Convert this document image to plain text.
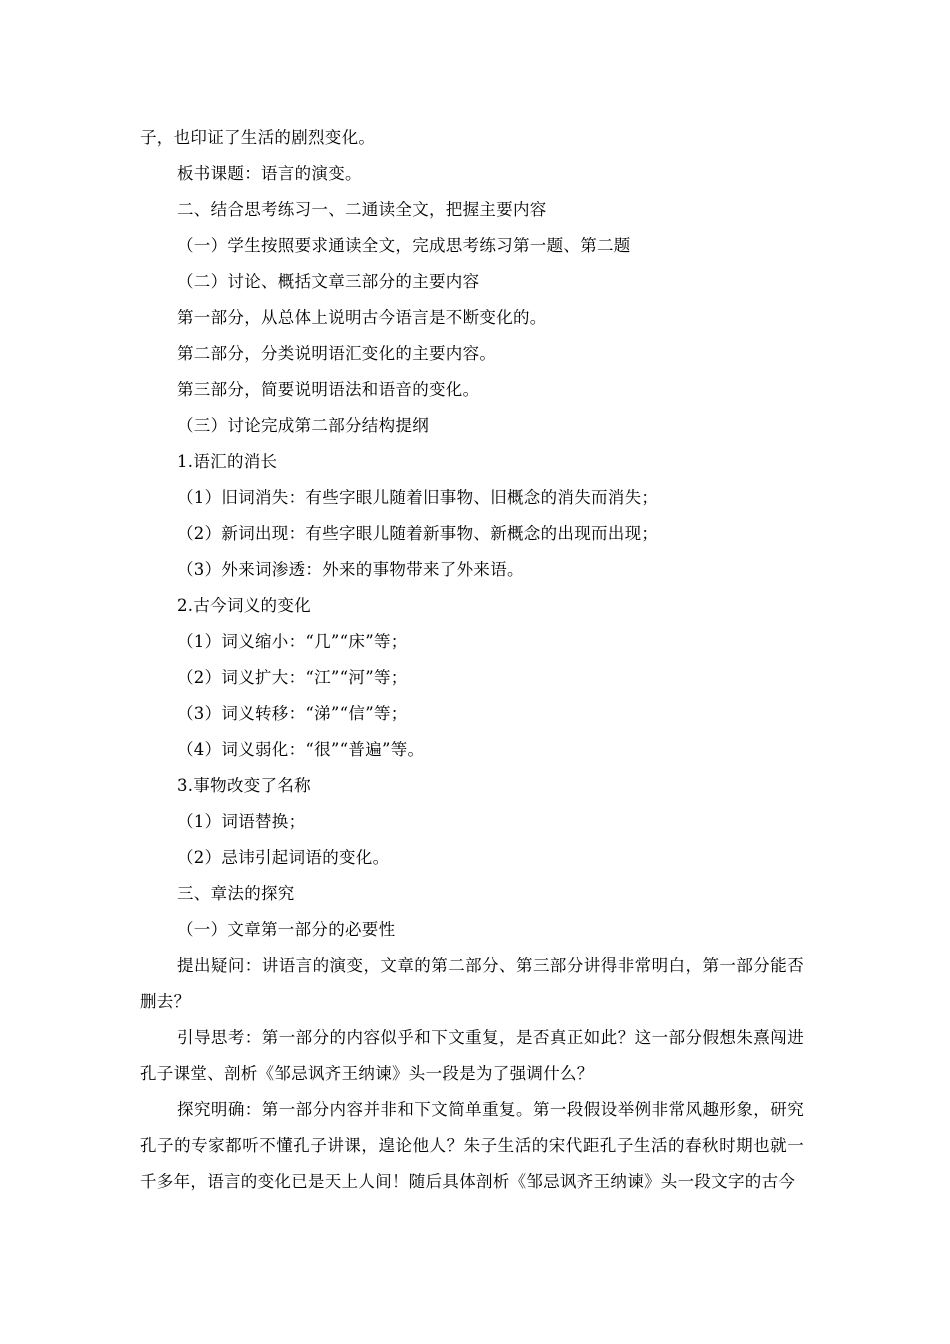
子，也印证了生活的剧烈变化。
板书课题：语言的演变。
二、结合思考练习一、二通读全文，把握主要内容
（一）学生按照要求通读全文，完成思考练习第一题、第二题
（二）讨论、概括文章三部分的主要内容
第一部分，从总体上说明古今语言是不断变化的。
第二部分，分类说明语汇变化的主要内容。
第三部分，简要说明语法和语音的变化。
（三）讨论完成第二部分结构提纲
1.语汇的消长
（1）旧词消失：有些字眼儿随着旧事物、旧概念的消失而消失；
（2）新词出现：有些字眼儿随着新事物、新概念的出现而出现；
（3）外来词渗透：外来的事物带来了外来语。
2.古今词义的变化
（1）词义缩小：“几”“床”等；
（2）词义扩大：“江”“河”等；
（3）词义转移：“涕”“信”等；
（4）词义弱化：“很”“普遍”等。
3.事物改变了名称
（1）词语替换；
（2）忌讳引起词语的变化。
三、章法的探究
（一）文章第一部分的必要性
提出疑问：讲语言的演变，文章的第二部分、第三部分讲得非常明白，第一部分能否删去？
引导思考：第一部分的内容似乎和下文重复，是否真正如此？这一部分假想朱熹闯进孔子课堂、剖析《邹忌讽齐王纳谏》头一段是为了强调什么？
探究明确：第一部分内容并非和下文简单重复。第一段假设举例非常风趣形象，研究孔子的专家都听不懂孔子讲课，遑论他人？朱子生活的宋代距孔子生活的春秋时期也就一千多年，语言的变化已是天上人间！随后具体剖析《邹忌讽齐王纳谏》头一段文字的古今
